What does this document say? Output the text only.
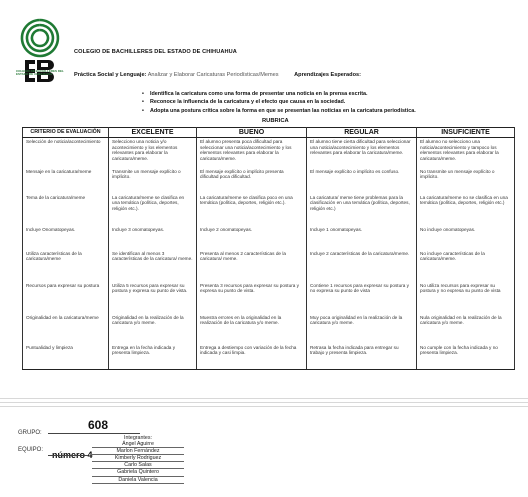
COLEGIO DE BACHILLERES DEL ESTADO DE CHIHUAHUA
COLEGIO DE BACHILLERES DEL ESTADO DE CHIHUAHUA
Práctica Social y Lenguaje: Analizar y Elaborar Caricaturas Periodísticas/Memes	Aprendizajes Esperados:
• Identifica la caricatura como una forma de presentar una noticia en la prensa escrita.
• Reconoce la influencia de la caricatura y el efecto que causa en la sociedad.
• Adopta una postura crítica sobre la forma en que se presentan las noticias en la caricatura periodística.
RUBRICA
CRITERIO DE EVALUACIÓN	EXCELENTE	BUENO	REGULAR	INSUFICIENTE
Selección de noticia/acontecimiento	Selecciono una noticia y/o acontecimiento y los elementos relevantes para elaborar la caricatura/meme.	El alumno presenta poca dificultad para seleccionar una noticia/acontecimiento y los elementos relevantes para elaborar la caricatura/meme.	El alumno tiene cierta dificultad para seleccionar una noticia/acontecimiento y los elementos relevantes para elaborar la caricatura/meme.	El alumno no selecciono una noticia/acontecimiento y tampoco los elementos relevantes para elaborar la caricatura/meme.
Mensaje en la caricatura/meme	Transmite un mensaje explícito o implícito.	El mensaje explícito o implícito presenta dificultad poca dificultad.	El mensaje explícito o implícito es confuso.	No transmite un mensaje explícito o implícito.
Tema de la caricatura/meme	La caricatura/meme se clasifica en una temática (política, deportes, religión etc.).	La caricatura/meme se clasifica poco en una temática (política, deportes, religión etc.).	La caricatura/ meme tiene problemas para la clasificación en una temática (política, deportes, religión etc.)	La caricatura/meme no se clasifica en una temática (política, deportes, religión etc.)
Incluye Onomatopeyas.	Incluye 3 onomatopeyas.	Incluye 2 onomatopeyas.	Incluye 1 onomatopeyas.	No incluye onomatopeyas.
Utiliza características de la caricatura/meme	Se identifican al menos 3 características de la caricatura/ meme.	Presenta al menos 2 características de la caricatura/ meme.	Incluye 2 características de la caricatura/meme.	No incluye características de la caricatura/meme.
Recursos para expresar su postura	Utiliza 5 recursos para expresar su postura y expresa su punto de vista.	Presenta 3 recursos para expresar su postura y expresa su punto de vista.	Contiene 1 recursos para expresar su postura y no expresa su punto de vista	No utiliza recursos para expresar su postura y no expresa su punto de vista
Originalidad en la caricatura/meme	Originalidad en la realización de la caricatura y/o meme.	Muestra errores en la originalidad en la realización de la caricatura y/o meme.	Muy poca originalidad en la realización de la caricatura y/o meme.	Nula originalidad en la realización de la caricatura y/o meme.
Puntualidad y limpieza	Entrega en la fecha indicada y presenta limpieza.	Entrega a destiempo con variación de la fecha indicada y casi limpia.	Retrasa la fecha indicada para entregar su trabajo y presenta limpieza.	No cumple con la fecha indicada y no presenta limpieza.
608
GRUPO:
EQUIPO: número 4
Integrantes:
Ángel Aguirre
Marlon Fernández
Kimberly Rodriguez
Carlo Salas
Gabriela Quintero
Daniela Valencia
